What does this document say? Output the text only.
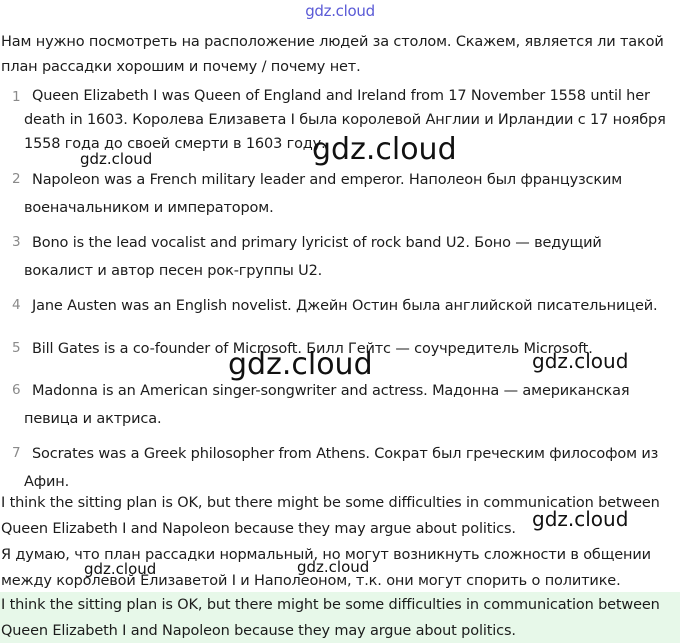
gdz.cloud
Нам нужно посмотреть на расположение людей за столом. Скажем, является ли такой план рассадки хорошим и почему / почему нет.
1 Queen Elizabeth I was Queen of England and Ireland from 17 November 1558 until her death in 1603. Королева Елизавета I была королевой Англии и Ирландии с 17 ноября 1558 года до своей смерти в 1603 году.
2 Napoleon was a French military leader and emperor. Наполеон был французским военачальником и императором.
3 Bono is the lead vocalist and primary lyricist of rock band U2. Боно — ведущий вокалист и автор песен рок-группы U2.
4 Jane Austen was an English novelist. Джейн Остин была английской писательницей.
5 Bill Gates is a co-founder of Microsoft. Билл Гейтс — соучредитель Microsoft.
6 Madonna is an American singer-songwriter and actress. Мадонна — американская певица и актриса.
7 Socrates was a Greek philosopher from Athens. Сократ был греческим философом из Афин.
I think the sitting plan is OK, but there might be some difficulties in communication between Queen Elizabeth I and Napoleon because they may argue about politics.
Я думаю, что план рассадки нормальный, но могут возникнуть сложности в общении между королевой Елизаветой I и Наполеоном, т.к. они могут спорить о политике.
I think the sitting plan is OK, but there might be some difficulties in communication between Queen Elizabeth I and Napoleon because they may argue about politics.
gdz.cloud	gdz.cloud
gdz.cloud	gdz.cloud
gdz.cloud
gdz.cloud	gdz.cloud
